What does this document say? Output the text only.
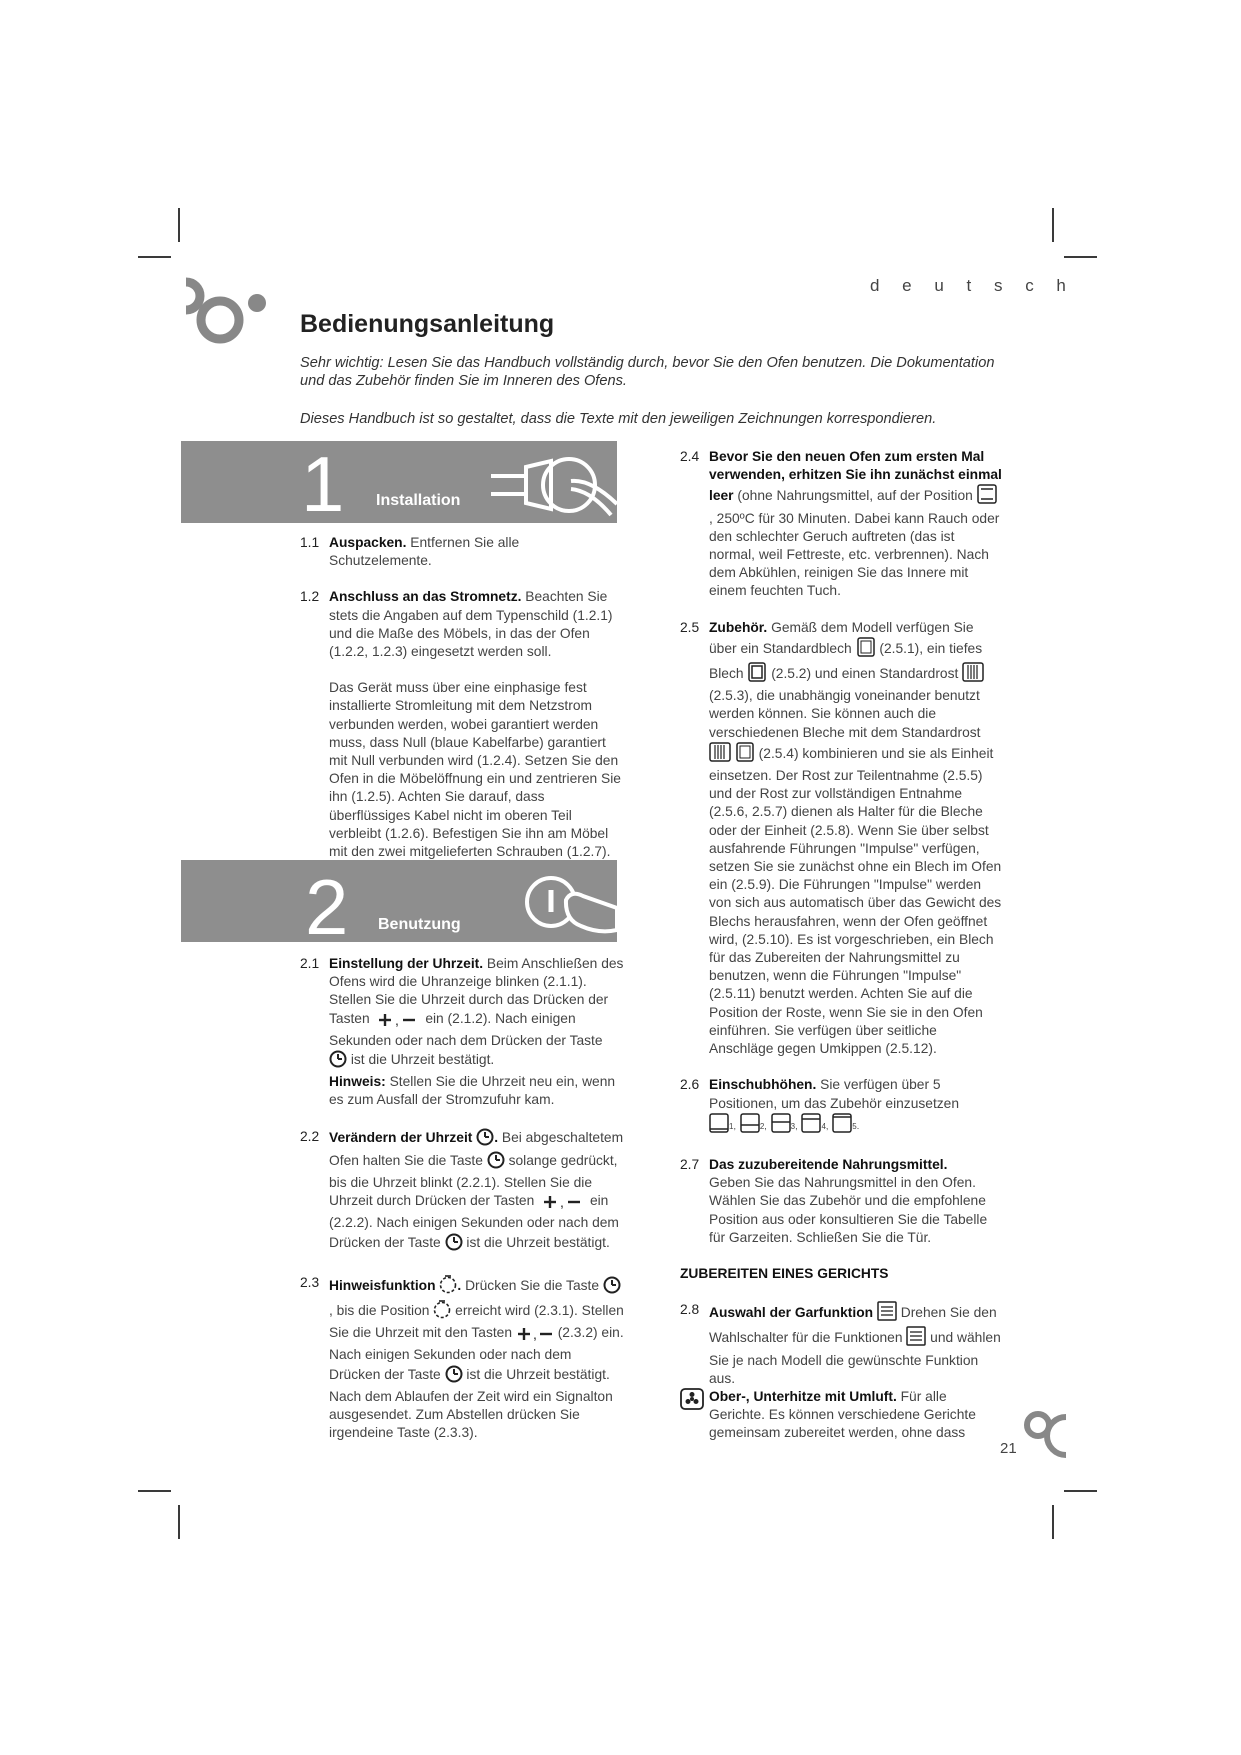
d e u t s c h
Bedienungsanleitung

Sehr wichtig: Lesen Sie das Handbuch vollständig durch, bevor Sie den Ofen benutzen. Die Dokumentation und das Zubehör finden Sie im Inneren des Ofens.

Dieses Handbuch ist so gestaltet, dass die Texte mit den jeweiligen Zeichnungen korrespondieren.

1 Installation
1.1 Auspacken. Entfernen Sie alle Schutzelemente.
1.2 Anschluss an das Stromnetz. Beachten Sie stets die Angaben auf dem Typenschild (1.2.1) und die Maße des Möbels, in das der Ofen (1.2.2, 1.2.3) eingesetzt werden soll.

Das Gerät muss über eine einphasige fest installierte Stromleitung mit dem Netzstrom verbunden werden, wobei garantiert werden muss, dass Null (blaue Kabelfarbe) garantiert mit Null verbunden wird (1.2.4). Setzen Sie den Ofen in die Möbelöffnung ein und zentrieren Sie ihn (1.2.5). Achten Sie darauf, dass überflüssiges Kabel nicht im oberen Teil verbleibt (1.2.6). Befestigen Sie ihn am Möbel mit den zwei mitgelieferten Schrauben (1.2.7).

2 Benutzung
2.1 Einstellung der Uhrzeit. Beim Anschließen des Ofens wird die Uhranzeige blinken (2.1.1). Stellen Sie die Uhrzeit durch das Drücken der Tasten , ein (2.1.2). Nach einigen Sekunden oder nach dem Drücken der Taste  ist die Uhrzeit bestätigt.
Hinweis: Stellen Sie die Uhrzeit neu ein, wenn es zum Ausfall der Stromzufuhr kam.
2.2 Verändern der Uhrzeit . Bei abgeschaltetem Ofen halten Sie die Taste  solange gedrückt, bis die Uhrzeit blinkt (2.2.1). Stellen Sie die Uhrzeit durch Drücken der Tasten , ein (2.2.2). Nach einigen Sekunden oder nach dem Drücken der Taste  ist die Uhrzeit bestätigt.
2.3 Hinweisfunktion . Drücken Sie die Taste  , bis die Position  erreicht wird (2.3.1). Stellen Sie die Uhrzeit mit den Tasten , (2.3.2) ein. Nach einigen Sekunden oder nach dem Drücken der Taste  ist die Uhrzeit bestätigt. Nach dem Ablaufen der Zeit wird ein Signalton ausgesendet. Zum Abstellen drücken Sie irgendeine Taste (2.3.3).
2.4 Bevor Sie den neuen Ofen zum ersten Mal verwenden, erhitzen Sie ihn zunächst einmal leer (ohne Nahrungsmittel, auf der Position  , 250ºC für 30 Minuten. Dabei kann Rauch oder den schlechter Geruch auftreten (das ist normal, weil Fettreste, etc. verbrennen). Nach dem Abkühlen, reinigen Sie das Innere mit einem feuchten Tuch.
2.5 Zubehör. Gemäß dem Modell verfügen Sie über ein Standardblech  (2.5.1), ein tiefes Blech  (2.5.2) und einen Standardrost  (2.5.3), die unabhängig voneinander benutzt werden können. Sie können auch die verschiedenen Bleche mit dem Standardrost   (2.5.4) kombinieren und sie als Einheit einsetzen. Der Rost zur Teilentnahme (2.5.5) und der Rost zur vollständigen Entnahme (2.5.6, 2.5.7) dienen als Halter für die Bleche oder der Einheit (2.5.8). Wenn Sie über selbst ausfahrende Führungen "Impulse" verfügen, setzen Sie sie zunächst ohne ein Blech im Ofen ein (2.5.9). Die Führungen "Impulse" werden von sich aus automatisch über das Gewicht des Blechs herausfahren, wenn der Ofen geöffnet wird, (2.5.10). Es ist vorgeschrieben, ein Blech für das Zubereiten der Nahrungsmittel zu benutzen, wenn die Führungen "Impulse" (2.5.11) benutzt werden. Achten Sie auf die Position der Roste, wenn Sie sie in den Ofen einführen. Sie verfügen über seitliche Anschläge gegen Umkippen (2.5.12).
2.6 Einschubhöhen. Sie verfügen über 5 Positionen, um das Zubehör einzusetzen
1,	2,	3,	4,	5.
2.7 Das zuzubereitende Nahrungsmittel.
Geben Sie das Nahrungsmittel in den Ofen. Wählen Sie das Zubehör und die empfohlene Position aus oder konsultieren Sie die Tabelle für Garzeiten. Schließen Sie die Tür.
ZUBEREITEN EINES GERICHTS
2.8 Auswahl der Garfunktion  Drehen Sie den Wahlschalter für die Funktionen  und wählen Sie je nach Modell die gewünschte Funktion aus.
Ober-, Unterhitze mit Umluft. Für alle Gerichte. Es können verschiedene Gerichte gemeinsam zubereitet werden, ohne dass
21
